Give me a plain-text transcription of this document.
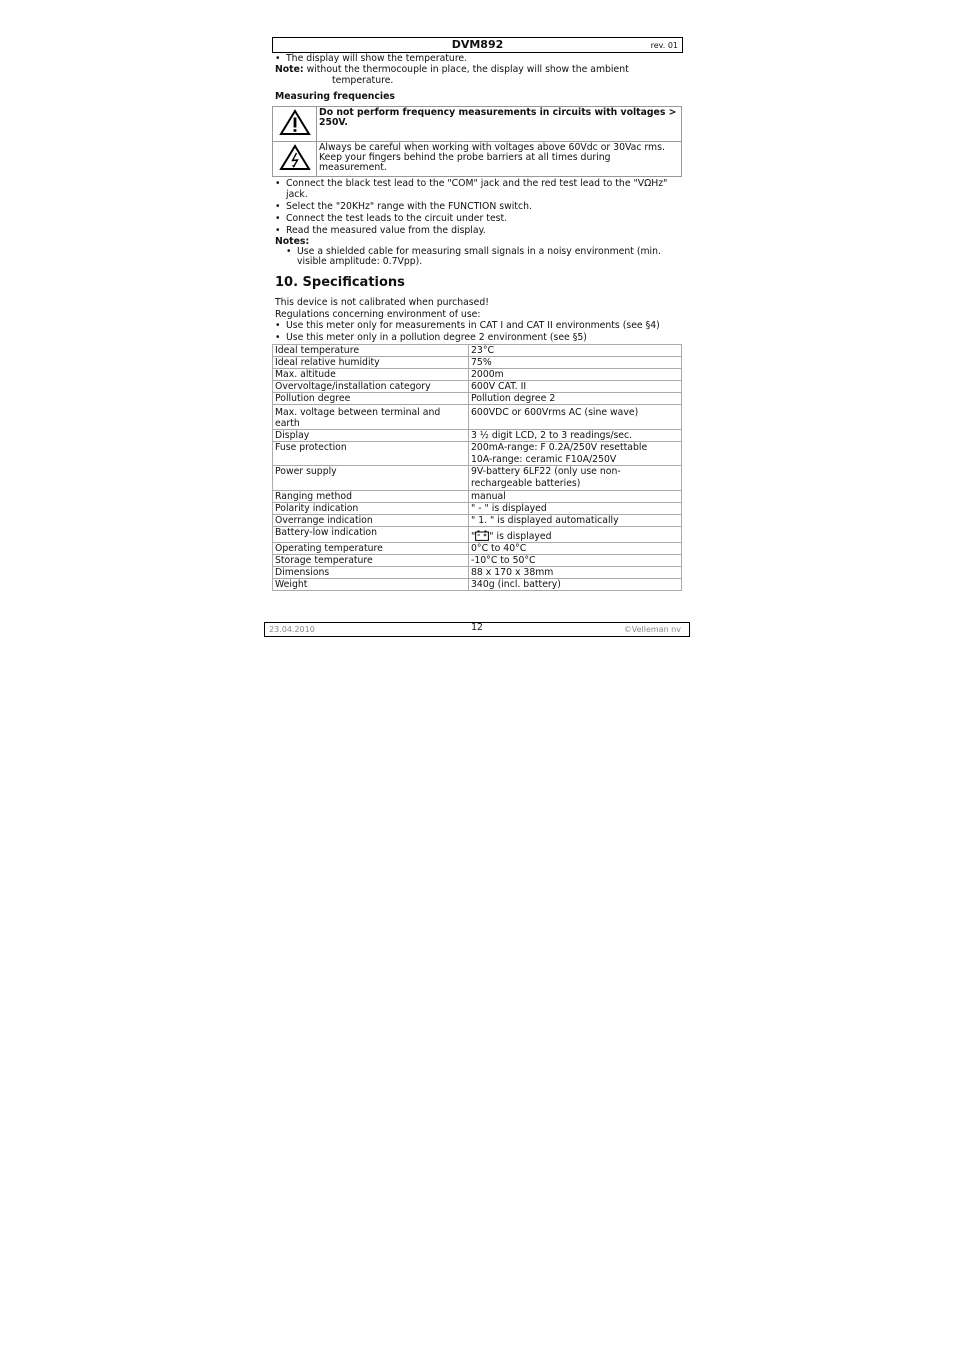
DVM892	rev. 01
• The display will show the temperature.
Note: without the thermocouple in place, the display will show the ambient
temperature.
Measuring frequencies
	Do not perform frequency measurements in circuits with voltages > 250V.
	Always be careful when working with voltages above 60Vdc or 30Vac rms. Keep your fingers behind the probe barriers at all times during measurement.
• Connect the black test lead to the "COM" jack and the red test lead to the "VΩHz" jack.
• Select the "20KHz" range with the FUNCTION switch.
• Connect the test leads to the circuit under test.
• Read the measured value from the display.
Notes:
• Use a shielded cable for measuring small signals in a noisy environment (min. visible amplitude: 0.7Vpp).
10. Specifications
This device is not calibrated when purchased!
Regulations concerning environment of use:
• Use this meter only for measurements in CAT I and CAT II environments (see §4)
• Use this meter only in a pollution degree 2 environment (see §5)
Ideal temperature	23°C
Ideal relative humidity	75%
Max. altitude	2000m
Overvoltage/installation category	600V CAT. II
Pollution degree	Pollution degree 2
Max. voltage between terminal and earth	600VDC or 600Vrms AC (sine wave)
Display	3 ½ digit LCD, 2 to 3 readings/sec.
Fuse protection	200mA-range: F 0.2A/250V resettable
10A-range: ceramic F10A/250V

Power supply	9V-battery 6LF22 (only use non-rechargeable batteries)
Ranging method	manual
Polarity indication	" - " is displayed
Overrange indication	" 1. " is displayed automatically
Battery-low indication	" " is displayed
Operating temperature	0°C to 40°C
Storage temperature	-10°C to 50°C
Dimensions	88 x 170 x 38mm
Weight	340g (incl. battery)
23.04.2010	12	©Velleman nv
